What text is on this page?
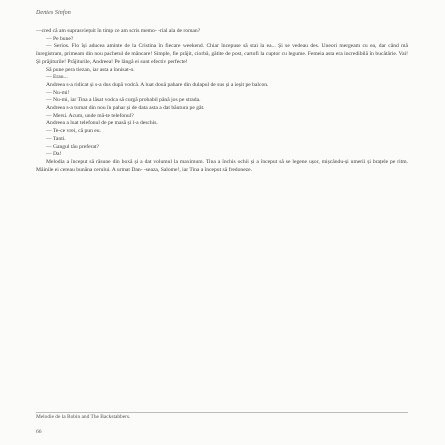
Dentes Sinfon

—cred că am suprasviețuit în timp ce am scris memo- ‑rial ala de roman?

— Pe bune?

— Serios. Flo își aducea aminte de la Cristina în fiecare weekend. Chiar începuse să stai la ea... Și se vedeau des. Uneori mergeam cu ea, dar când mă înregistram, primeam din nou pachetul de mâncare! Simple, fie prăjit, ciorbă, gătite de post, cartofi la cuptor cu legume. Femeia asta era incredibilă în bucătărie. Vai! Și prăjiturile! Prăjiturile, Andreea! Pe lângă ei sunt efectiv perfecte!

Să pune pera tiezan, iar asta a înnisat-o.

— Erau...

Andreea s-a ridicat și s-a dus după vodcă. A luat două pahare din dulapul de sus și a ieșit pe balcon.

— Nu-mi!

— Nu-mi, iar Tina a lăsat vodca să curgă probabil până jos pe strada.

Andreea s-a turnat din nou în pahar și de data asta a dat băutura pe gât.

— Mersi. Acum, unde mă-te telefonul?

Andreea a luat telefonul de pe masă și l-a deschis.

— Te-ce vrei, că pun eu.

— Tanti.

— Gangul tău preferat?

— Da!

Melodia a început să răsune din boxă și a dat volumul la maximum. Tina a închis ochii și a început să se legene ușor, mișcându-și umerii și brațele pe ritm. Mâinile ei cereau bunăna cerului. A urmat Dan- ‑seaza, Salome!, iar Tina a început să fredoneze.

Melodie de la Robin and The Backstabbers.
66
